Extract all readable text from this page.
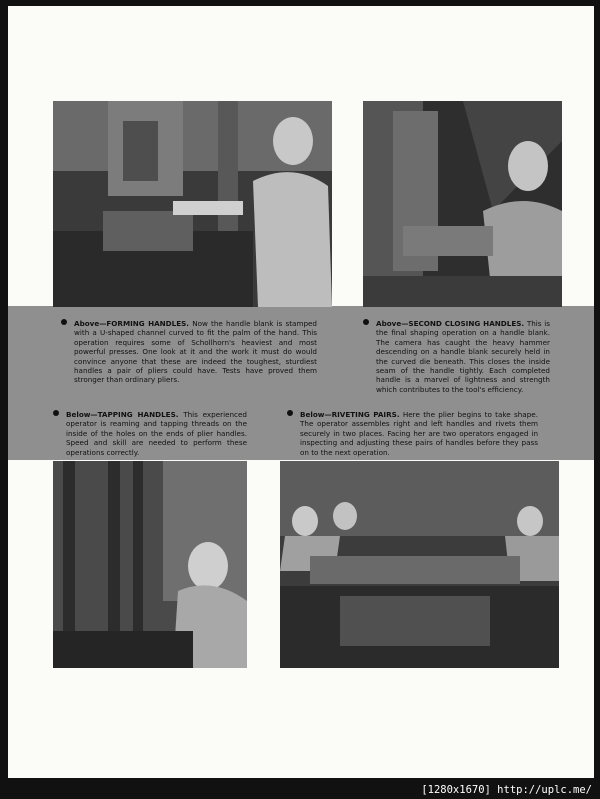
Above—FORMING HANDLES. Now the handle blank is stamped with a U-shaped channel curved to fit the palm of the hand. This operation requires some of Schollhorn's heaviest and most powerful presses. One look at it and the work it must do would convince anyone that these are indeed the toughest, sturdiest handles a pair of pliers could have. Tests have proved them stronger than ordinary pliers.
Above—SECOND CLOSING HANDLES. This is the final shaping operation on a handle blank. The camera has caught the heavy hammer descending on a handle blank securely held in the curved die beneath. This closes the inside seam of the handle tightly. Each completed handle is a marvel of lightness and strength which contributes to the tool's efficiency.
Below—TAPPING HANDLES. This experienced operator is reaming and tapping threads on the inside of the holes on the ends of plier handles. Speed and skill are needed to perform these operations correctly.
Below—RIVETING PAIRS. Here the plier begins to take shape. The operator assembles right and left handles and rivets them securely in two places. Facing her are two operators engaged in inspecting and adjusting these pairs of handles before they pass on to the next operation.
[1280x1670] http://uplc.me/
